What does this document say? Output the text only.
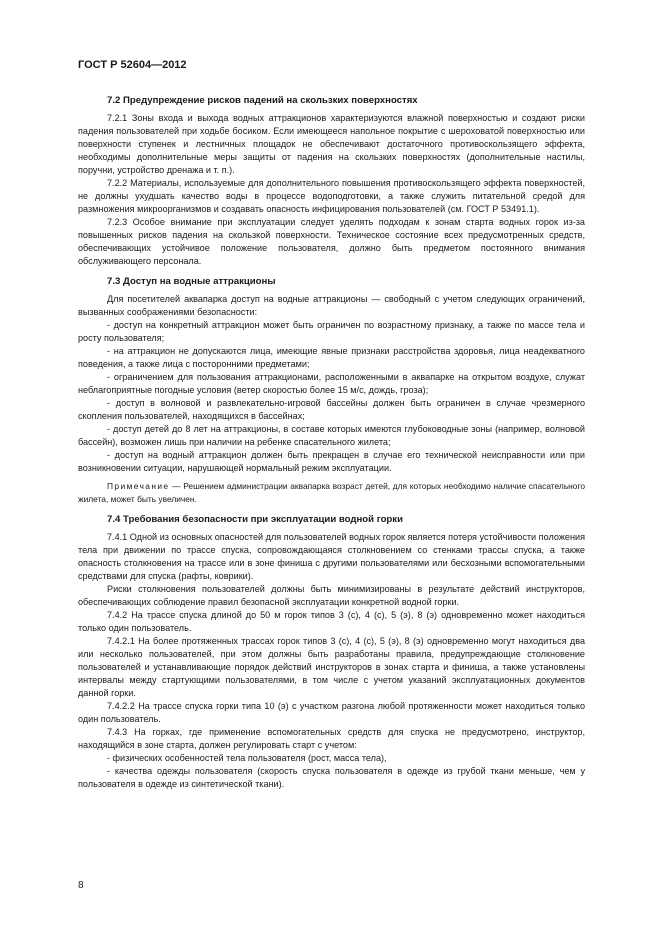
ГОСТ Р 52604—2012
7.2 Предупреждение рисков падений на скользких поверхностях

7.2.1 Зоны входа и выхода водных аттракционов характеризуются влажной поверхностью и создают риски падения пользователей при ходьбе босиком. Если имеющееся напольное покрытие с шероховатой поверхностью или поверхности ступенек и лестничных площадок не обеспечивают достаточного противоскользящего эффекта, необходимы дополнительные меры защиты от падения на скользких поверхностях (дополнительные настилы, поручни, устройство дренажа и т. п.).

7.2.2 Материалы, используемые для дополнительного повышения противоскользящего эффекта поверхностей, не должны ухудшать качество воды в процессе водоподготовки, а также служить питательной средой для размножения микроорганизмов и создавать опасность инфицирования пользователей (см. ГОСТ Р 53491.1).

7.2.3 Особое внимание при эксплуатации следует уделять подходам к зонам старта водных горок из-за повышенных рисков падения на скользкой поверхности. Техническое состояние всех предусмотренных средств, обеспечивающих устойчивое положение пользователя, должно быть предметом постоянного внимания обслуживающего персонала.

7.3 Доступ на водные аттракционы

Для посетителей аквапарка доступ на водные аттракционы — свободный с учетом следующих ограничений, вызванных соображениями безопасности:

- доступ на конкретный аттракцион может быть ограничен по возрастному признаку, а также по массе тела и росту пользователя;

- на аттракцион не допускаются лица, имеющие явные признаки расстройства здоровья, лица неадекватного поведения, а также лица с посторонними предметами;

- ограничением для пользования аттракционами, расположенными в аквапарке на открытом воздухе, служат неблагоприятные погодные условия (ветер скоростью более 15 м/с, дождь, гроза);

- доступ в волновой и развлекательно-игровой бассейны должен быть ограничен в случае чрезмерного скопления пользователей, находящихся в бассейнах;

- доступ детей до 8 лет на аттракционы, в составе которых имеются глубоководные зоны (например, волновой бассейн), возможен лишь при наличии на ребенке спасательного жилета;

- доступ на водный аттракцион должен быть прекращен в случае его технической неисправности или при возникновении ситуации, нарушающей нормальный режим эксплуатации.

Примечание — Решением администрации аквапарка возраст детей, для которых необходимо наличие спасательного жилета, может быть увеличен.

7.4 Требования безопасности при эксплуатации водной горки

7.4.1 Одной из основных опасностей для пользователей водных горок является потеря устойчивости положения тела при движении по трассе спуска, сопровождающаяся столкновением со стенками трассы спуска, а также опасность столкновения на трассе или в зоне финиша с другими пользователями или бесхозными вспомогательными средствами для спуска (рафты, коврики).

Риски столкновения пользователей должны быть минимизированы в результате действий инструкторов, обеспечивающих соблюдение правил безопасной эксплуатации конкретной водной горки.

7.4.2 На трассе спуска длиной до 50 м горок типов 3 (с), 4 (с), 5 (э), 8 (э) одновременно может находиться только один пользователь.

7.4.2.1 На более протяженных трассах горок типов 3 (с), 4 (с), 5 (э), 8 (э) одновременно могут находиться два или несколько пользователей, при этом должны быть разработаны правила, предупреждающие столкновение пользователей и устанавливающие порядок действий инструкторов в зонах старта и финиша, а также установлены интервалы между стартующими пользователями, в том числе с учетом указаний эксплуатационных документов данной горки.

7.4.2.2 На трассе спуска горки типа 10 (э) с участком разгона любой протяженности может находиться только один пользователь.

7.4.3 На горках, где применение вспомогательных средств для спуска не предусмотрено, инструктор, находящийся в зоне старта, должен регулировать старт с учетом:

- физических особенностей тела пользователя (рост, масса тела),

- качества одежды пользователя (скорость спуска пользователя в одежде из грубой ткани меньше, чем у пользователя в одежде из синтетической ткани).

8
